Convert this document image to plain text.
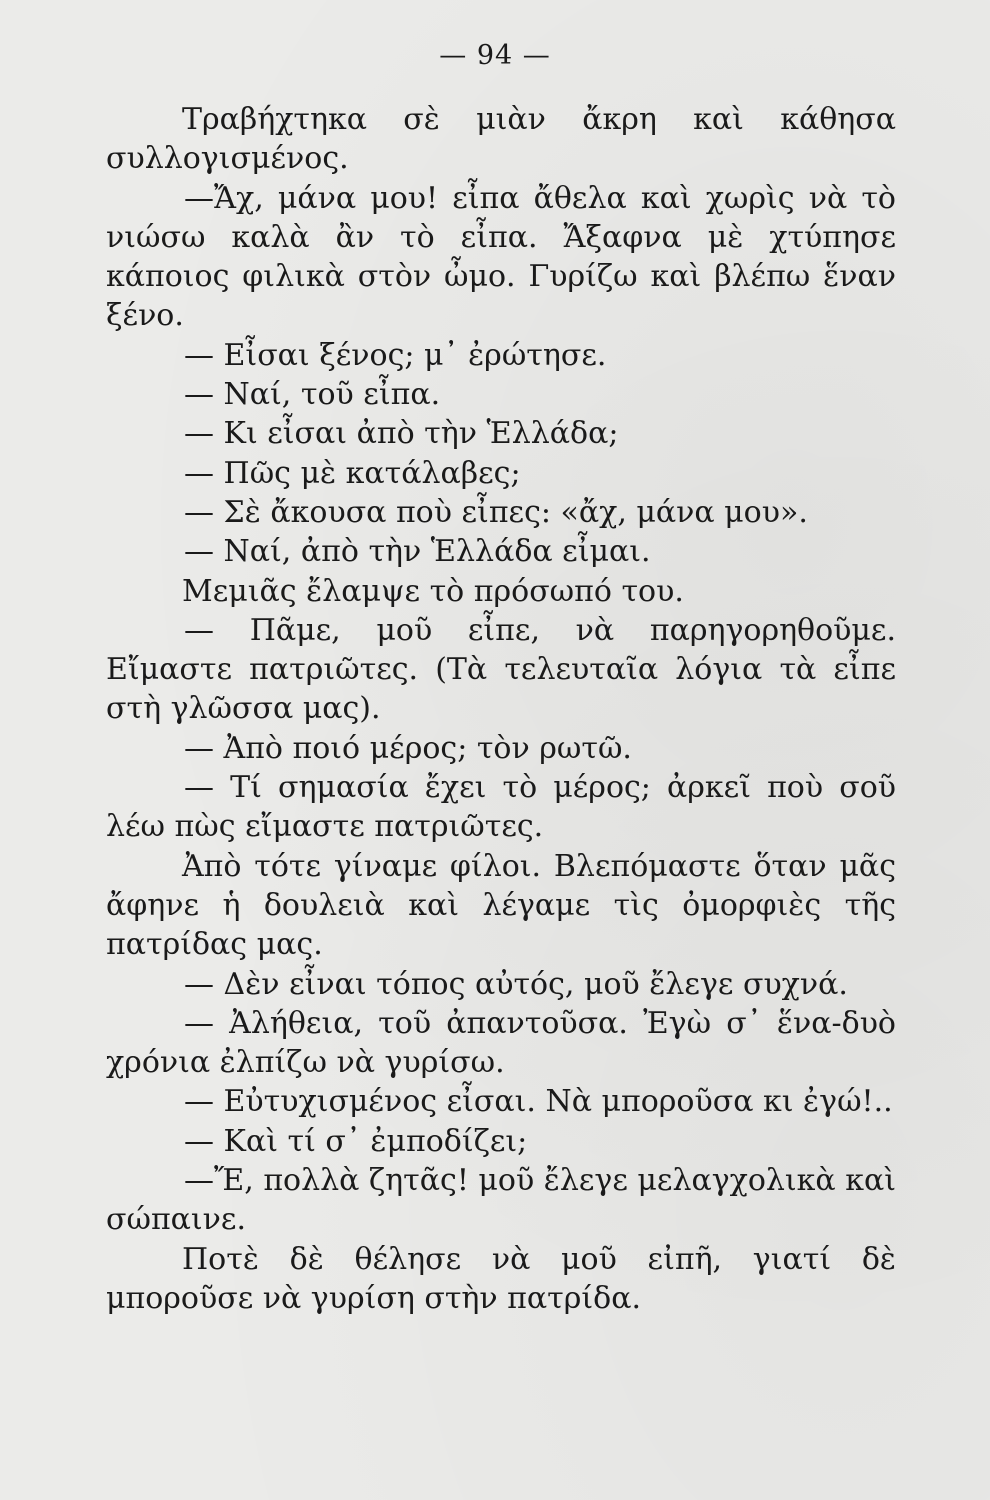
— 94 —

Τραβήχτηκα σὲ μιὰν ἄκρη καὶ κάθησα συλλογισμένος.

—Ἄχ, μάνα μου! εἶπα ἄθελα καὶ χωρὶς νὰ τὸ νιώσω καλὰ ἂν τὸ εἶπα. Ἄξαφνα μὲ χτύπησε κάποιος φιλικὰ στὸν ὦμο. Γυρίζω καὶ βλέπω ἕναν ξένο.

— Εἶσαι ξένος; μ᾽ ἐρώτησε.

— Ναί, τοῦ εἶπα.

— Κι εἶσαι ἀπὸ τὴν Ἑλλάδα;

— Πῶς μὲ κατάλαβες;

— Σὲ ἄκουσα ποὺ εἶπες: «ἄχ, μάνα μου».

— Ναί, ἀπὸ τὴν Ἑλλάδα εἶμαι.

Μεμιᾶς ἔλαμψε τὸ πρόσωπό του.

— Πᾶμε, μοῦ εἶπε, νὰ παρηγορηθοῦμε. Εἴμαστε πατριῶτες. (Τὰ τελευταῖα λόγια τὰ εἶπε στὴ γλῶσσα μας).

— Ἀπὸ ποιό μέρος; τὸν ρωτῶ.

— Τί σημασία ἔχει τὸ μέρος; ἀρκεῖ ποὺ σοῦ λέω πὼς εἴμαστε πατριῶτες.

Ἀπὸ τότε γίναμε φίλοι. Βλεπόμαστε ὅταν μᾶς ἄφηνε ἡ δουλειὰ καὶ λέγαμε τὶς ὀμορφιὲς τῆς πατρίδας μας.

— Δὲν εἶναι τόπος αὐτός, μοῦ ἔλεγε συχνά.

— Ἀλήθεια, τοῦ ἀπαντοῦσα. Ἐγὼ σ᾽ ἕνα-δυὸ χρόνια ἐλπίζω νὰ γυρίσω.

— Εὐτυχισμένος εἶσαι. Νὰ μποροῦσα κι ἐγώ!..

— Καὶ τί σ᾽ ἐμποδίζει;

—Ἔ, πολλὰ ζητᾶς! μοῦ ἔλεγε μελαγχολικὰ καὶ σώπαινε.

Ποτὲ δὲ θέλησε νὰ μοῦ εἰπῆ, γιατί δὲ μποροῦσε νὰ γυρίση στὴν πατρίδα.
